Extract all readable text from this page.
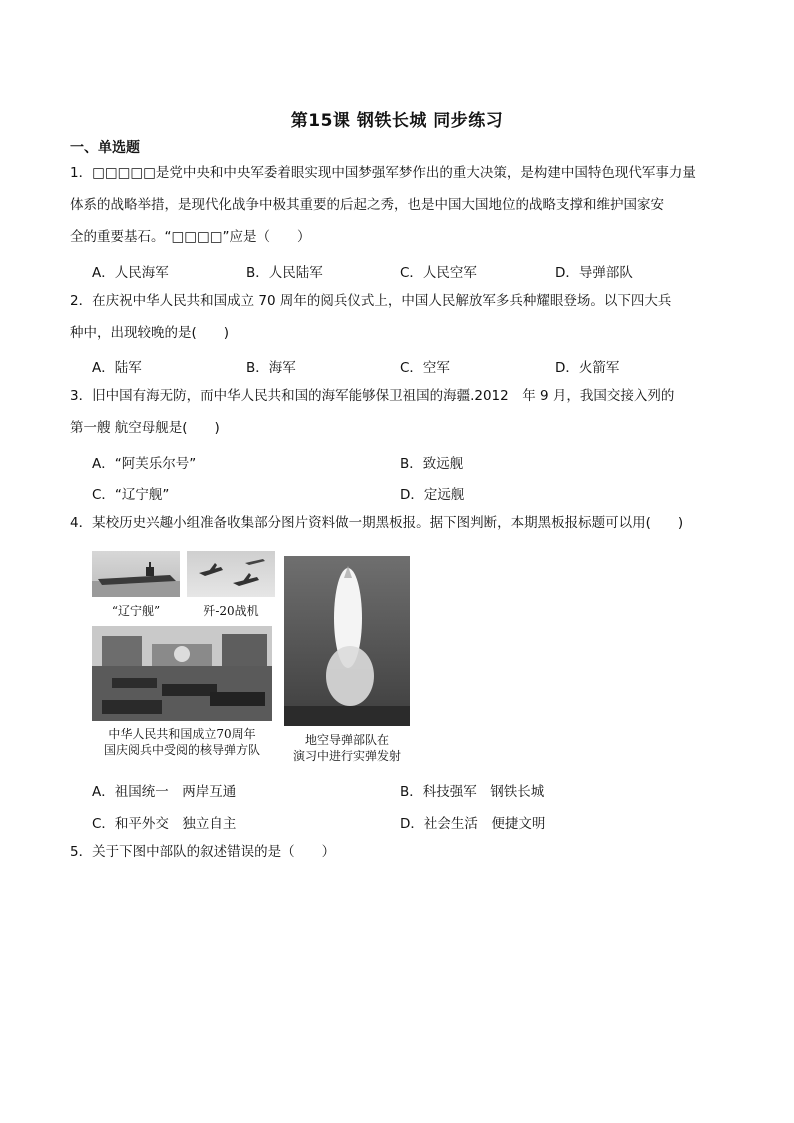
第15课 钢铁长城 同步练习
一、单选题
1．□□□□□是党中央和中央军委着眼实现中国梦强军梦作出的重大决策，是构建中国特色现代军事力量
体系的战略举措，是现代化战争中极其重要的后起之秀，也是中国大国地位的战略支撑和维护国家安
全的重要基石。“□□□□”应是（　　）
A．人民海军	B．人民陆军	C．人民空军	D．导弹部队
2．在庆祝中华人民共和国成立 70 周年的阅兵仪式上，中国人民解放军多兵种耀眼登场。以下四大兵
种中，出现较晚的是(　　)
A．陆军	B．海军	C．空军	D．火箭军
3．旧中国有海无防，而中华人民共和国的海军能够保卫祖国的海疆.2012　年 9 月，我国交接入列的
第一艘 航空母舰是(　　)
A．“阿芙乐尔号”	B．致远舰
C．“辽宁舰”	D．定远舰
4．某校历史兴趣小组准备收集部分图片资料做一期黑板报。据下图判断，本期黑板报标题可以用(　　)
“辽宁舰”	歼-20战机
中华人民共和国成立70周年
国庆阅兵中受阅的核导弹方队
地空导弹部队在
演习中进行实弹发射
A．祖国统一　两岸互通	B．科技强军　钢铁长城
C．和平外交　独立自主	D．社会生活　便捷文明
5．关于下图中部队的叙述错误的是（　　）
